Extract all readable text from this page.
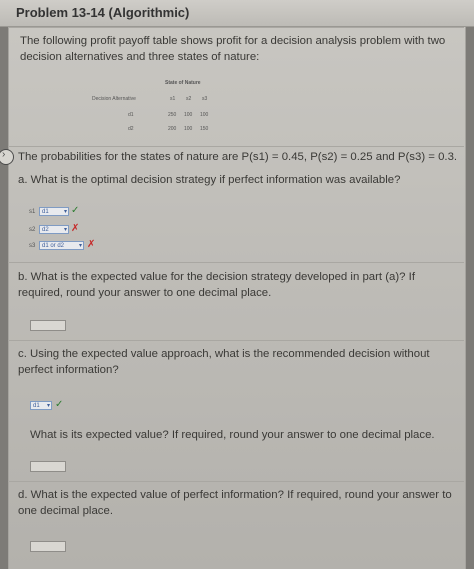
Problem 13-14 (Algorithmic)
The following profit payoff table shows profit for a decision analysis problem with two
decision alternatives and three states of nature:
State of Nature
Decision Alternative	s1 s2 s3
d1	250 100 100
d2	200 100 150
› The probabilities for the states of nature are P(s1) = 0.45, P(s2) = 0.25 and P(s3) = 0.3.
a. What is the optimal decision strategy if perfect information was available?
s1	d1	▾ ✓
s2	d2	▾ ✗
s3	d1 or d2 ▾ ✗
b. What is the expected value for the decision strategy developed in part (a)? If
required, round your answer to one decimal place.
c. Using the expected value approach, what is the recommended decision without
perfect information?
d1 ▾ ✓
What is its expected value? If required, round your answer to one decimal place.
d. What is the expected value of perfect information? If required, round your answer to
one decimal place.
